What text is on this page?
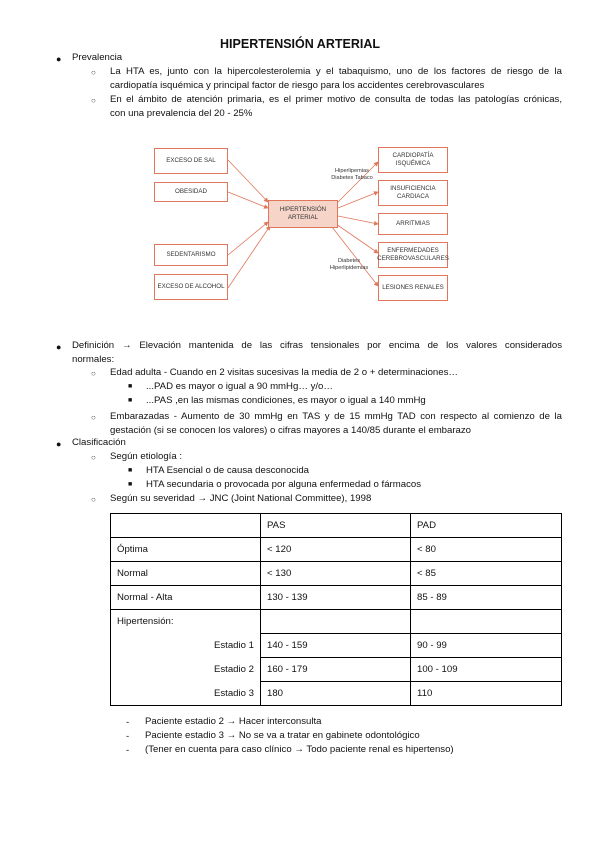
HIPERTENSIÓN ARTERIAL
● Prevalencia
○ La HTA es, junto con la hipercolesterolemia y el tabaquismo, uno de los factores de riesgo de la
cardiopatía isquémica y principal factor de riesgo para los accidentes cerebrovasculares
○ En el ámbito de atención primaria, es el primer motivo de consulta de todas las patologías crónicas,
con una prevalencia del 20 - 25%
EXCESO DE SAL
OBESIDAD
SEDENTARISMO
EXCESO DE ALCOHOL
HIPERTENSIÓN ARTERIAL
Hiperlipemias Diabetes Tabaco
Diabetes Hiperlipidemias
CARDIOPATÍA ISQUÉMICA
INSUFICIENCIA CARDIACA
ARRITMIAS
ENFERMEDADES CEREBROVASCULARES
LESIONES RENALES
● Definición → Elevación mantenida de las cifras tensionales por encima de los valores considerados
normales:
○ Edad adulta - Cuando en 2 visitas sucesivas la media de 2 o + determinaciones…
■ ...PAD es mayor o igual a 90 mmHg… y/o…
■ ...PAS ,en las mismas condiciones, es mayor o igual a 140 mmHg
○ Embarazadas - Aumento de 30 mmHg en TAS y de 15 mmHg TAD con respecto al comienzo de la
gestación (si se conocen los valores) o cifras mayores a 140/85 durante el embarazo
● Clasificación
○ Según etiología :
■ HTA Esencial o de causa desconocida
■ HTA secundaria o provocada por alguna enfermedad o fármacos
○ Según su severidad → JNC (Joint National Committee), 1998
	PAS	PAD
Óptima	< 120	< 80
Normal	< 130	< 85
Normal - Alta	130 - 139	85 - 89
Hipertensión:		
Estadio 1	140 - 159	90 - 99
Estadio 2	160 - 179	100 - 109
Estadio 3	180	110
- Paciente estadio 2 → Hacer interconsulta
- Paciente estadio 3 → No se va a tratar en gabinete odontológico
- (Tener en cuenta para caso clínico → Todo paciente renal es hipertenso)
